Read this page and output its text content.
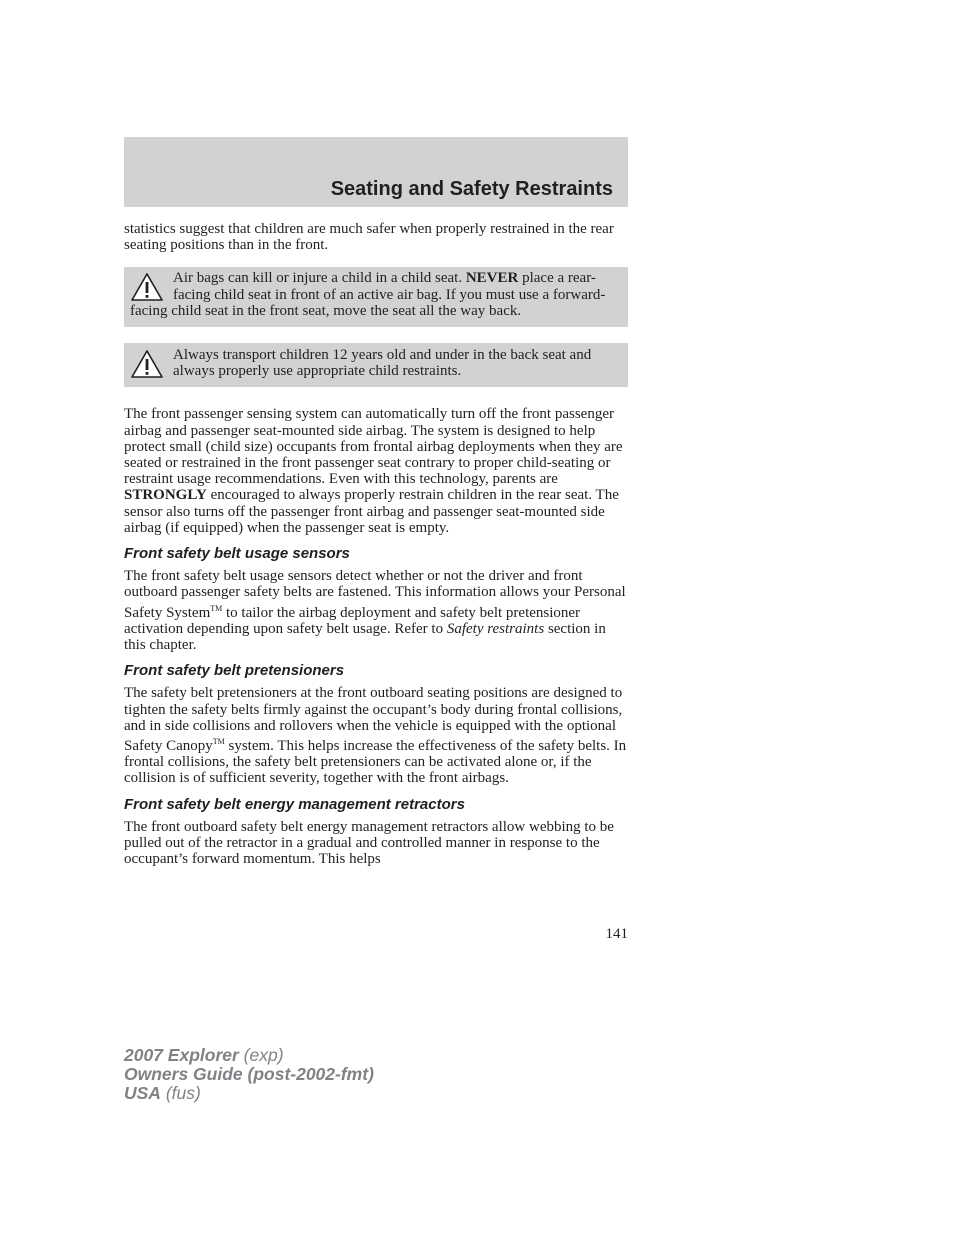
Seating and Safety Restraints

statistics suggest that children are much safer when properly restrained in the rear seating positions than in the front.

Air bags can kill or injure a child in a child seat. NEVER place a rear-facing child seat in front of an active air bag. If you must use a forward-facing child seat in the front seat, move the seat all the way back.

Always transport children 12 years old and under in the back seat and always properly use appropriate child restraints.

The front passenger sensing system can automatically turn off the front passenger airbag and passenger seat-mounted side airbag. The system is designed to help protect small (child size) occupants from frontal airbag deployments when they are seated or restrained in the front passenger seat contrary to proper child-seating or restraint usage recommendations. Even with this technology, parents are STRONGLY encouraged to always properly restrain children in the rear seat. The sensor also turns off the passenger front airbag and passenger seat-mounted side airbag (if equipped) when the passenger seat is empty.

Front safety belt usage sensors

The front safety belt usage sensors detect whether or not the driver and front outboard passenger safety belts are fastened. This information allows your Personal Safety System™ to tailor the airbag deployment and safety belt pretensioner activation depending upon safety belt usage. Refer to Safety restraints section in this chapter.

Front safety belt pretensioners

The safety belt pretensioners at the front outboard seating positions are designed to tighten the safety belts firmly against the occupant’s body during frontal collisions, and in side collisions and rollovers when the vehicle is equipped with the optional Safety Canopy™ system. This helps increase the effectiveness of the safety belts. In frontal collisions, the safety belt pretensioners can be activated alone or, if the collision is of sufficient severity, together with the front airbags.

Front safety belt energy management retractors

The front outboard safety belt energy management retractors allow webbing to be pulled out of the retractor in a gradual and controlled manner in response to the occupant’s forward momentum. This helps

141
2007 Explorer (exp)
Owners Guide (post-2002-fmt)
USA (fus)
